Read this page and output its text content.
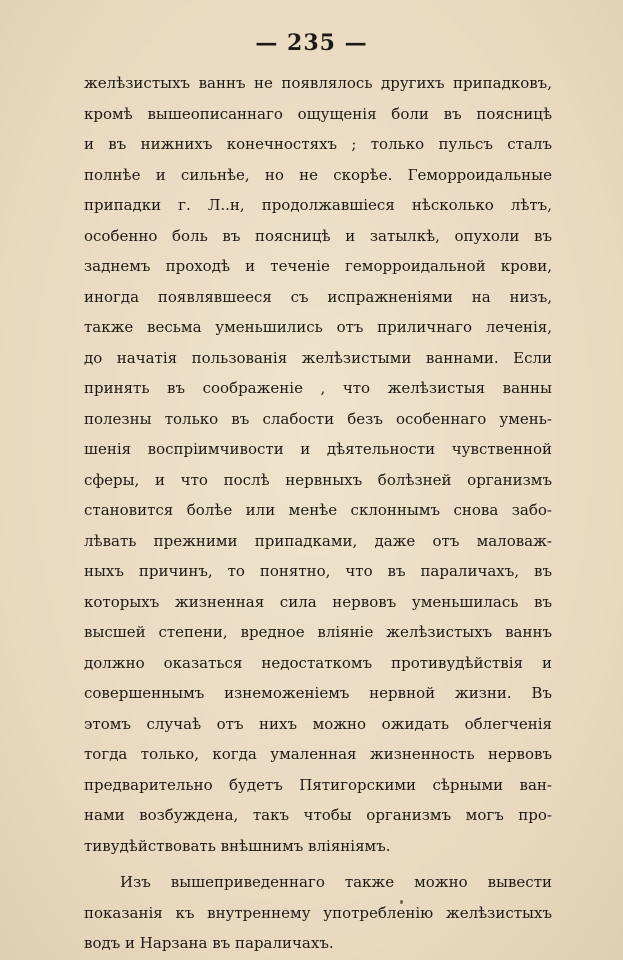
— 235 —
желѣзистыхъ ваннъ не появлялось другихъ припадковъ,
кромѣ вышеописаннаго ощущенія боли въ поясницѣ
и въ нижнихъ конечностяхъ ; только пульсъ сталъ
полнѣе и сильнѣе, но не скорѣе. Геморроидальные
припадки г. Л..н, продолжавшіеся нѣсколько лѣтъ,
особенно боль въ поясницѣ и затылкѣ, опухоли въ
заднемъ проходѣ и теченіе геморроидальной крови,
иногда появлявшееся съ испражненіями на низъ,
также весьма уменьшились отъ приличнаго леченія,
до начатія пользованія желѣзистыми ваннами. Если
принять въ соображеніе , что желѣзистыя ванны
полезны только въ слабости безъ особеннаго умень-
шенія воспріимчивости и дѣятельности чувственной
сферы, и что послѣ нервныхъ болѣзней организмъ
становится болѣе или менѣе склоннымъ снова забо-
лѣвать прежними припадками, даже отъ маловаж-
ныхъ причинъ, то понятно, что въ параличахъ, въ
которыхъ жизненная сила нервовъ уменьшилась въ
высшей степени, вредное вліяніе желѣзистыхъ ваннъ
должно оказаться недостаткомъ противудѣйствія и
совершеннымъ изнеможеніемъ нервной жизни. Въ
этомъ случаѣ отъ нихъ можно ожидать облегченія
тогда только, когда умаленная жизненность нервовъ
предварительно будетъ Пятигорскими сѣрными ван-
нами возбуждена, такъ чтобы организмъ могъ про-
тивудѣйствовать внѣшнимъ вліяніямъ.
Изъ вышеприведеннаго также можно вывести
показанія къ внутреннему употребленію желѣзистыхъ
водъ и Нарзана въ параличахъ.
